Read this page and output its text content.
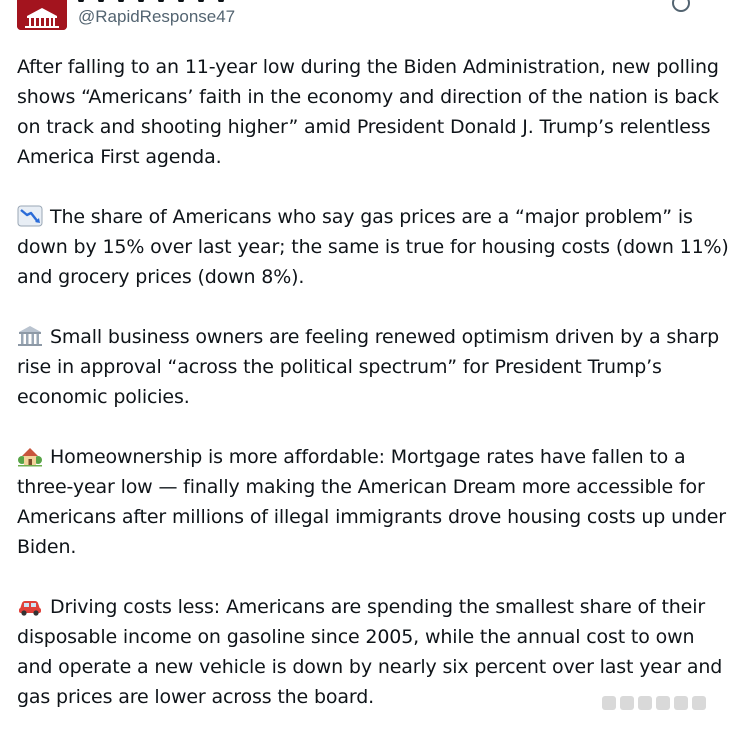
@RapidResponse47

After falling to an 11-year low during the Biden Administration, new polling shows “Americans’ faith in the economy and direction of the nation is back on track and shooting higher” amid President Donald J. Trump’s relentless America First agenda.

The share of Americans who say gas prices are a “major problem” is down by 15% over last year; the same is true for housing costs (down 11%) and grocery prices (down 8%).

Small business owners are feeling renewed optimism driven by a sharp rise in approval “across the political spectrum” for President Trump’s economic policies.

Homeownership is more affordable: Mortgage rates have fallen to a three-year low — finally making the American Dream more accessible for Americans after millions of illegal immigrants drove housing costs up under Biden.

Driving costs less: Americans are spending the smallest share of their disposable income on gasoline since 2005, while the annual cost to own and operate a new vehicle is down by nearly six percent over last year and gas prices are lower across the board.
